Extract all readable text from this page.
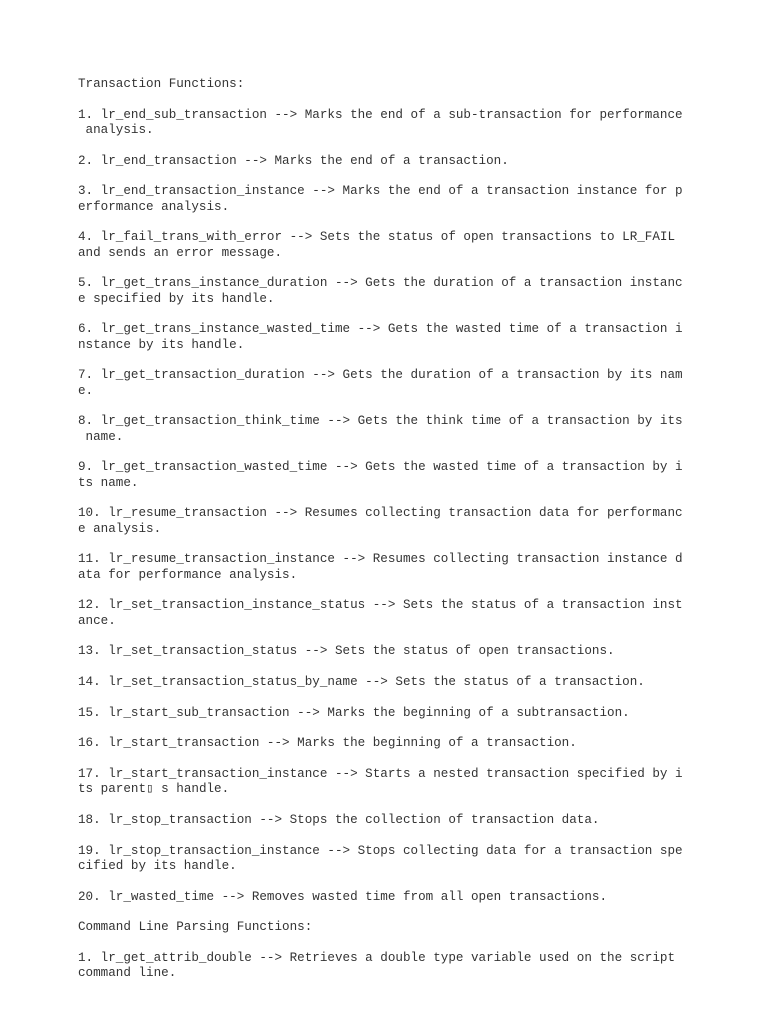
Transaction Functions:
1. lr_end_sub_transaction --> Marks the end of a sub-transaction for performance
analysis.
2. lr_end_transaction --> Marks the end of a transaction.
3. lr_end_transaction_instance --> Marks the end of a transaction instance for p
erformance analysis.
4. lr_fail_trans_with_error --> Sets the status of open transactions to LR_FAIL
and sends an error message.
5. lr_get_trans_instance_duration --> Gets the duration of a transaction instanc
e specified by its handle.
6. lr_get_trans_instance_wasted_time --> Gets the wasted time of a transaction i
nstance by its handle.
7. lr_get_transaction_duration --> Gets the duration of a transaction by its nam
e.
8. lr_get_transaction_think_time --> Gets the think time of a transaction by its
name.
9. lr_get_transaction_wasted_time --> Gets the wasted time of a transaction by i
ts name.
10. lr_resume_transaction --> Resumes collecting transaction data for performanc
e analysis.
11. lr_resume_transaction_instance --> Resumes collecting transaction instance d
ata for performance analysis.
12. lr_set_transaction_instance_status --> Sets the status of a transaction inst
ance.
13. lr_set_transaction_status --> Sets the status of open transactions.
14. lr_set_transaction_status_by_name --> Sets the status of a transaction.
15. lr_start_sub_transaction --> Marks the beginning of a subtransaction.
16. lr_start_transaction --> Marks the beginning of a transaction.
17. lr_start_transaction_instance --> Starts a nested transaction specified by i
ts parent▯ s handle.
18. lr_stop_transaction --> Stops the collection of transaction data.
19. lr_stop_transaction_instance --> Stops collecting data for a transaction spe
cified by its handle.
20. lr_wasted_time --> Removes wasted time from all open transactions.
Command Line Parsing Functions:
1. lr_get_attrib_double --> Retrieves a double type variable used on the script
command line.
